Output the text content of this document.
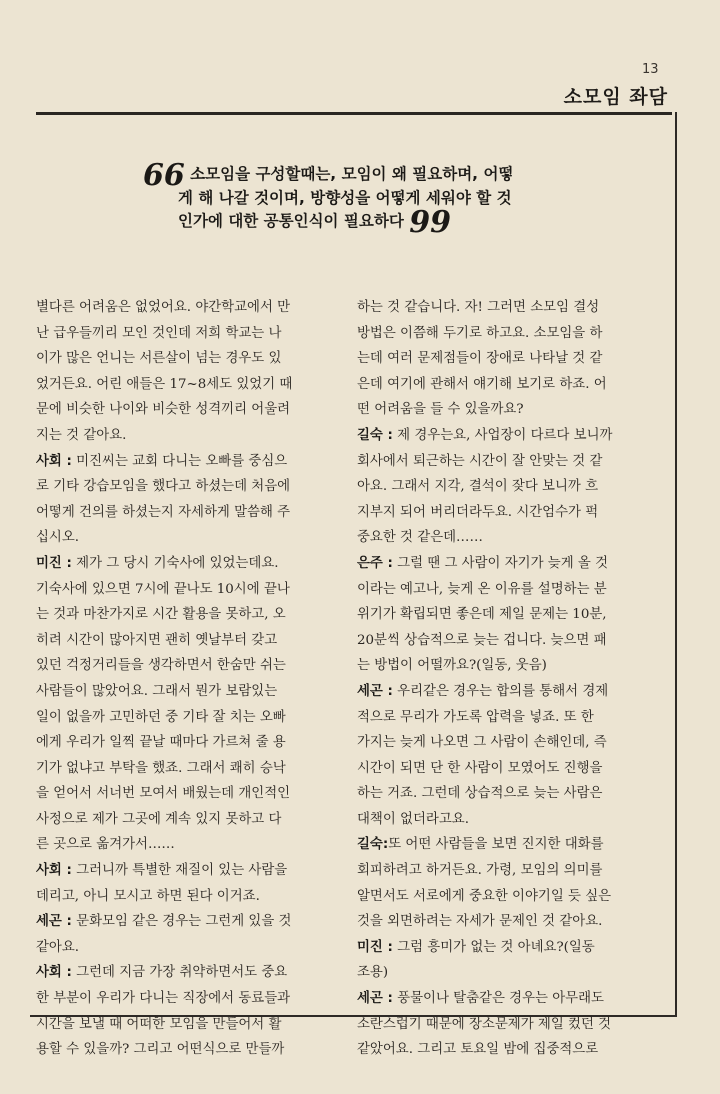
13
소모임 좌담
66 소모임을 구성할때는, 모임이 왜 필요하며, 어떻
게 해 나갈 것이며, 방향성을 어떻게 세워야 할 것
인가에 대한 공통인식이 필요하다 99
별다른 어려움은 없었어요. 야간학교에서 만
난 급우들끼리 모인 것인데 저희 학교는 나
이가 많은 언니는 서른살이 넘는 경우도 있
었거든요. 어린 애들은 17~8세도 있었기 때
문에 비슷한 나이와 비슷한 성격끼리 어울려
지는 것 같아요.
사회 : 미진씨는 교회 다니는 오빠를 중심으
로 기타 강습모임을 했다고 하셨는데 처음에
어떻게 건의를 하셨는지 자세하게 말씀해 주
십시오.
미진 : 제가 그 당시 기숙사에 있었는데요.
기숙사에 있으면 7시에 끝나도 10시에 끝나
는 것과 마찬가지로 시간 활용을 못하고, 오
히려 시간이 많아지면 괜히 옛날부터 갖고
있던 걱정거리들을 생각하면서 한숨만 쉬는
사람들이 많았어요. 그래서 뭔가 보람있는
일이 없을까 고민하던 중 기타 잘 치는 오빠
에게 우리가 일찍 끝날 때마다 가르쳐 줄 용
기가 없냐고 부탁을 했죠. 그래서 쾌히 승낙
을 얻어서 서너번 모여서 배웠는데 개인적인
사정으로 제가 그곳에 계속 있지 못하고 다
른 곳으로 옮겨가서……
사회 : 그러니까 특별한 재질이 있는 사람을
데리고, 아니 모시고 하면 된다 이거죠.
세곤 : 문화모임 같은 경우는 그런게 있을 것
같아요.
사회 : 그런데 지금 가장 취약하면서도 중요
한 부분이 우리가 다니는 직장에서 동료들과
시간을 보낼 때 어떠한 모임을 만들어서 활
용할 수 있을까? 그리고 어떤식으로 만들까
하는 것 같습니다. 자! 그러면 소모임 결성
방법은 이쯤해 두기로 하고요. 소모임을 하
는데 여러 문제점들이 장애로 나타날 것 같
은데 여기에 관해서 얘기해 보기로 하죠. 어
떤 어려움을 들 수 있을까요?
길숙 : 제 경우는요, 사업장이 다르다 보니까
회사에서 퇴근하는 시간이 잘 안맞는 것 같
아요. 그래서 지각, 결석이 잦다 보니까 흐
지부지 되어 버리더라두요. 시간엄수가 퍽
중요한 것 같은데……
은주 : 그럴 땐 그 사람이 자기가 늦게 올 것
이라는 예고나, 늦게 온 이유를 설명하는 분
위기가 확립되면 좋은데 제일 문제는 10분,
20분씩 상습적으로 늦는 겁니다. 늦으면 패
는 방법이 어떨까요?(일동, 웃음)
세곤 : 우리같은 경우는 합의를 통해서 경제
적으로 무리가 가도록 압력을 넣죠. 또 한
가지는 늦게 나오면 그 사람이 손해인데, 즉
시간이 되면 단 한 사람이 모였어도 진행을
하는 거죠. 그런데 상습적으로 늦는 사람은
대책이 없더라고요.
길숙:또 어떤 사람들을 보면 진지한 대화를
회피하려고 하거든요. 가령, 모임의 의미를
알면서도 서로에게 중요한 이야기일 듯 싶은
것을 외면하려는 자세가 문제인 것 같아요.
미진 : 그럼 흥미가 없는 것 아녜요?(일동
조용)
세곤 : 풍물이나 탈춤같은 경우는 아무래도
소란스럽기 때문에 장소문제가 제일 컸던 것
같았어요. 그리고 토요일 밤에 집중적으로
